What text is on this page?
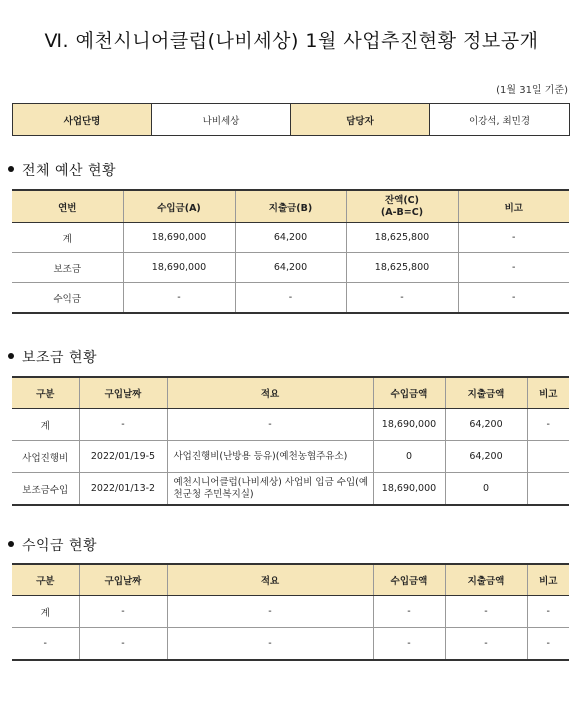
Ⅵ. 예천시니어클럽(나비세상) 1월 사업추진현황 정보공개
(1월 31일 기준)
사업단명	나비세상	담당자	이강석, 최민경
전체 예산 현황
연번	수입금(A)	지출금(B)	잔액(C)
(A-B=C)	비고
계	18,690,000	64,200	18,625,800	-
보조금	18,690,000	64,200	18,625,800	-
수익금	-	-	-	-
보조금 현황
구분	구입날짜	적요	수입금액	지출금액	비고
계	-	-	18,690,000	64,200	-
사업진행비	2022/01/19-5	사업진행비(난방용 등유)(예천농협주유소)	0	64,200	
보조금수입	2022/01/13-2	예천시니어클럽(나비세상) 사업비 입금 수입(예천군청 주민복지실)	18,690,000	0	
수익금 현황
구분	구입날짜	적요	수입금액	지출금액	비고
계	-	-	-	-	-
-	-	-	-	-	-
